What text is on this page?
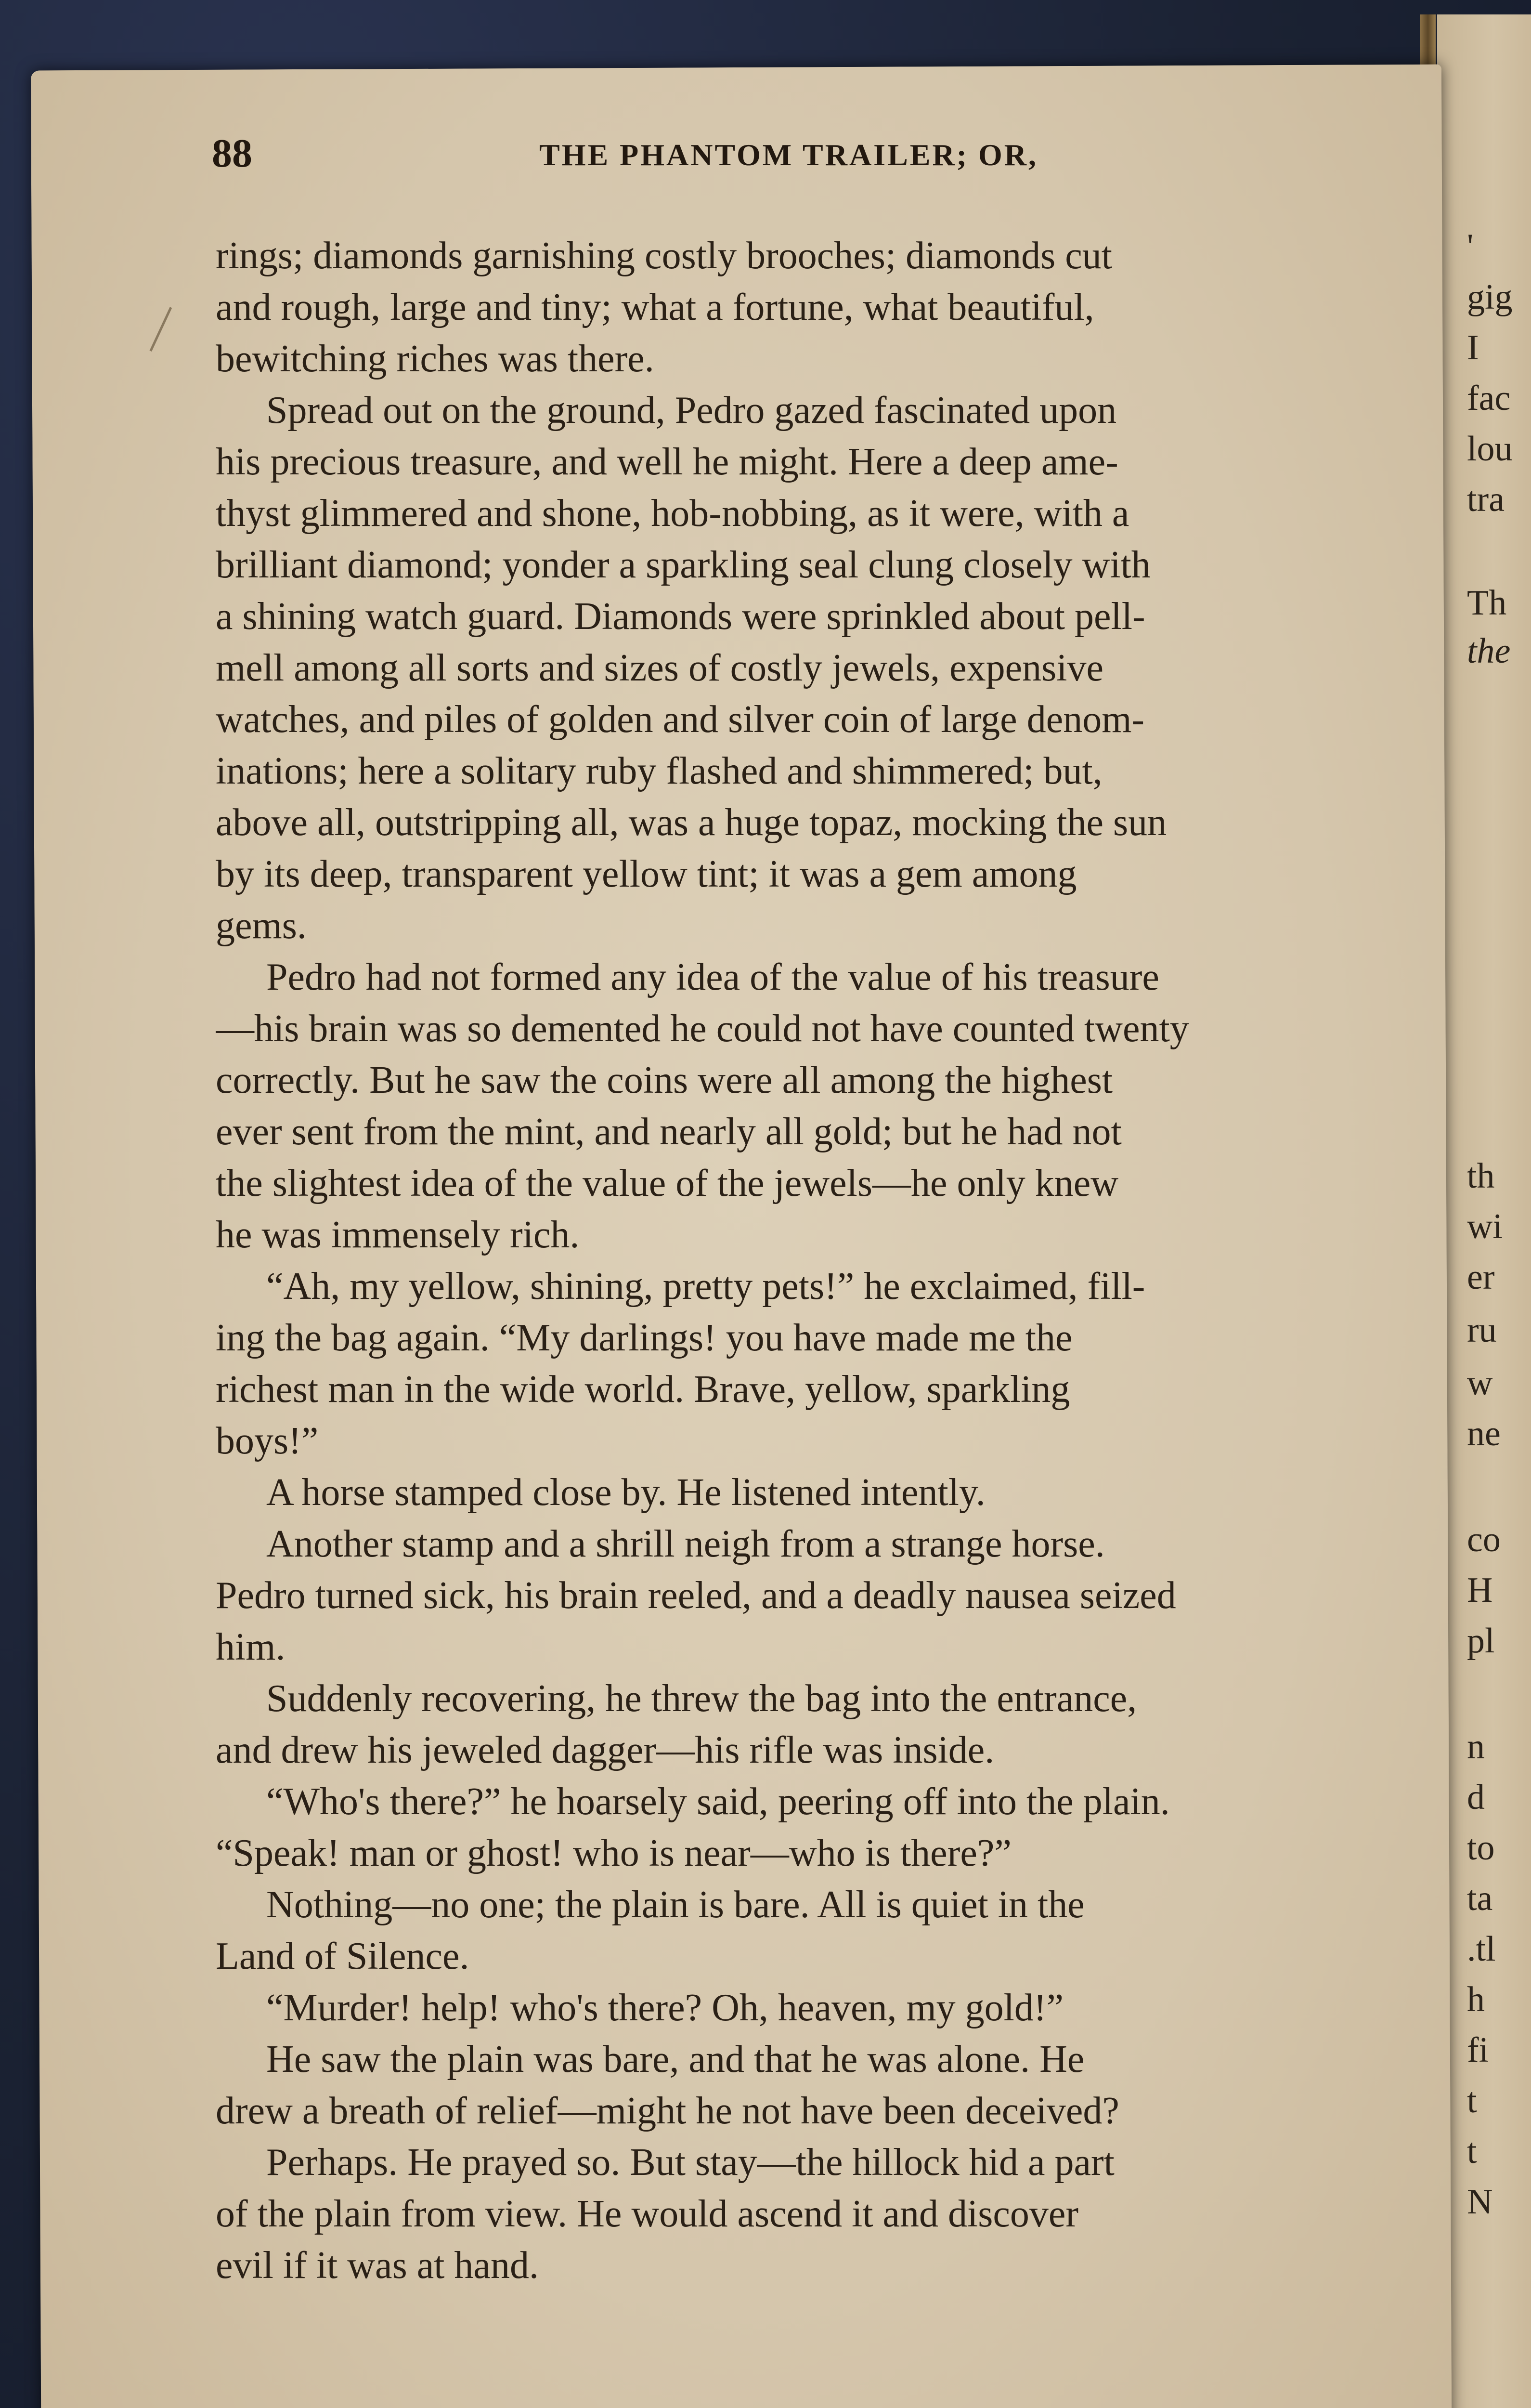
'
gig
I
fac
lou
tra
Th
the
th
wi
er
ru
w
ne
co
H
pl
n
d
to
ta
.tl
h
fi
t
t
N
88	THE PHANTOM TRAILER; OR,
rings; diamonds garnishing costly brooches; diamonds cut
and rough, large and tiny; what a fortune, what beautiful,
bewitching riches was there.
Spread out on the ground, Pedro gazed fascinated upon
his precious treasure, and well he might. Here a deep ame-
thyst glimmered and shone, hob-nobbing, as it were, with a
brilliant diamond; yonder a sparkling seal clung closely with
a shining watch guard. Diamonds were sprinkled about pell-
mell among all sorts and sizes of costly jewels, expensive
watches, and piles of golden and silver coin of large denom-
inations; here a solitary ruby flashed and shimmered; but,
above all, outstripping all, was a huge topaz, mocking the sun
by its deep, transparent yellow tint; it was a gem among
gems.
Pedro had not formed any idea of the value of his treasure
—his brain was so demented he could not have counted twenty
correctly. But he saw the coins were all among the highest
ever sent from the mint, and nearly all gold; but he had not
the slightest idea of the value of the jewels—he only knew
he was immensely rich.
“Ah, my yellow, shining, pretty pets!” he exclaimed, fill-
ing the bag again. “My darlings! you have made me the
richest man in the wide world. Brave, yellow, sparkling
boys!”
A horse stamped close by. He listened intently.
Another stamp and a shrill neigh from a strange horse.
Pedro turned sick, his brain reeled, and a deadly nausea seized
him.
Suddenly recovering, he threw the bag into the entrance,
and drew his jeweled dagger—his rifle was inside.
“Who's there?” he hoarsely said, peering off into the plain.
“Speak! man or ghost! who is near—who is there?”
Nothing—no one; the plain is bare. All is quiet in the
Land of Silence.
“Murder! help! who's there? Oh, heaven, my gold!”
He saw the plain was bare, and that he was alone. He
drew a breath of relief—might he not have been deceived?
Perhaps. He prayed so. But stay—the hillock hid a part
of the plain from view. He would ascend it and discover
evil if it was at hand.
